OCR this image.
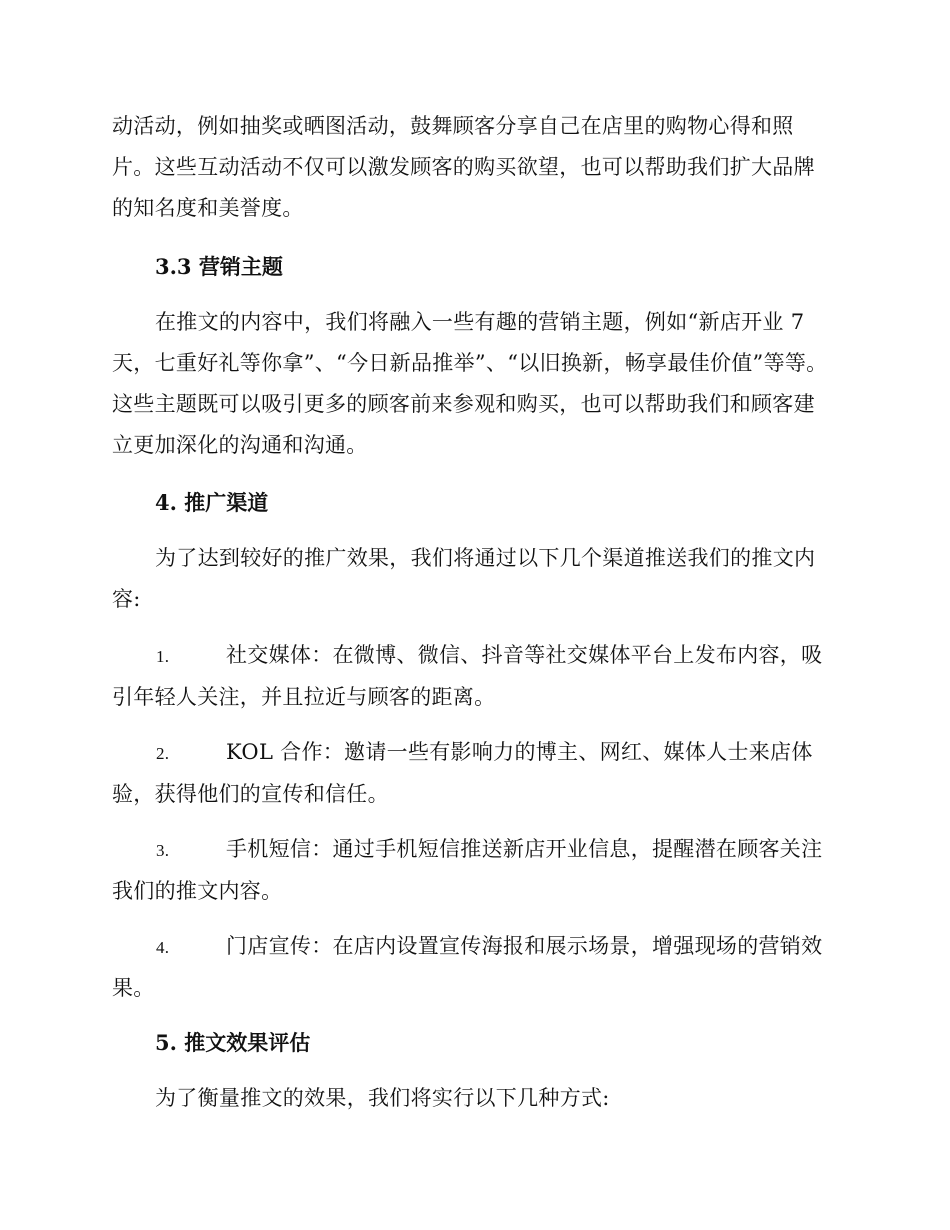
动活动，例如抽奖或晒图活动，鼓舞顾客分享自己在店里的购物心得和照片。这些互动活动不仅可以激发顾客的购买欲望，也可以帮助我们扩大品牌的知名度和美誉度。

3.3 营销主题

在推文的内容中，我们将融入一些有趣的营销主题，例如“新店开业 7 天，七重好礼等你拿”、“今日新品推举”、“以旧换新，畅享最佳价值”等等。这些主题既可以吸引更多的顾客前来参观和购买，也可以帮助我们和顾客建立更加深化的沟通和沟通。

4. 推广渠道

为了达到较好的推广效果，我们将通过以下几个渠道推送我们的推文内容:

1.	社交媒体：在微博、微信、抖音等社交媒体平台上发布内容，吸引年轻人关注，并且拉近与顾客的距离。
2.	KOL 合作：邀请一些有影响力的博主、网红、媒体人士来店体验，获得他们的宣传和信任。
3.	手机短信：通过手机短信推送新店开业信息，提醒潜在顾客关注我们的推文内容。
4.	门店宣传：在店内设置宣传海报和展示场景，增强现场的营销效果。
5. 推文效果评估

为了衡量推文的效果，我们将实行以下几种方式:
